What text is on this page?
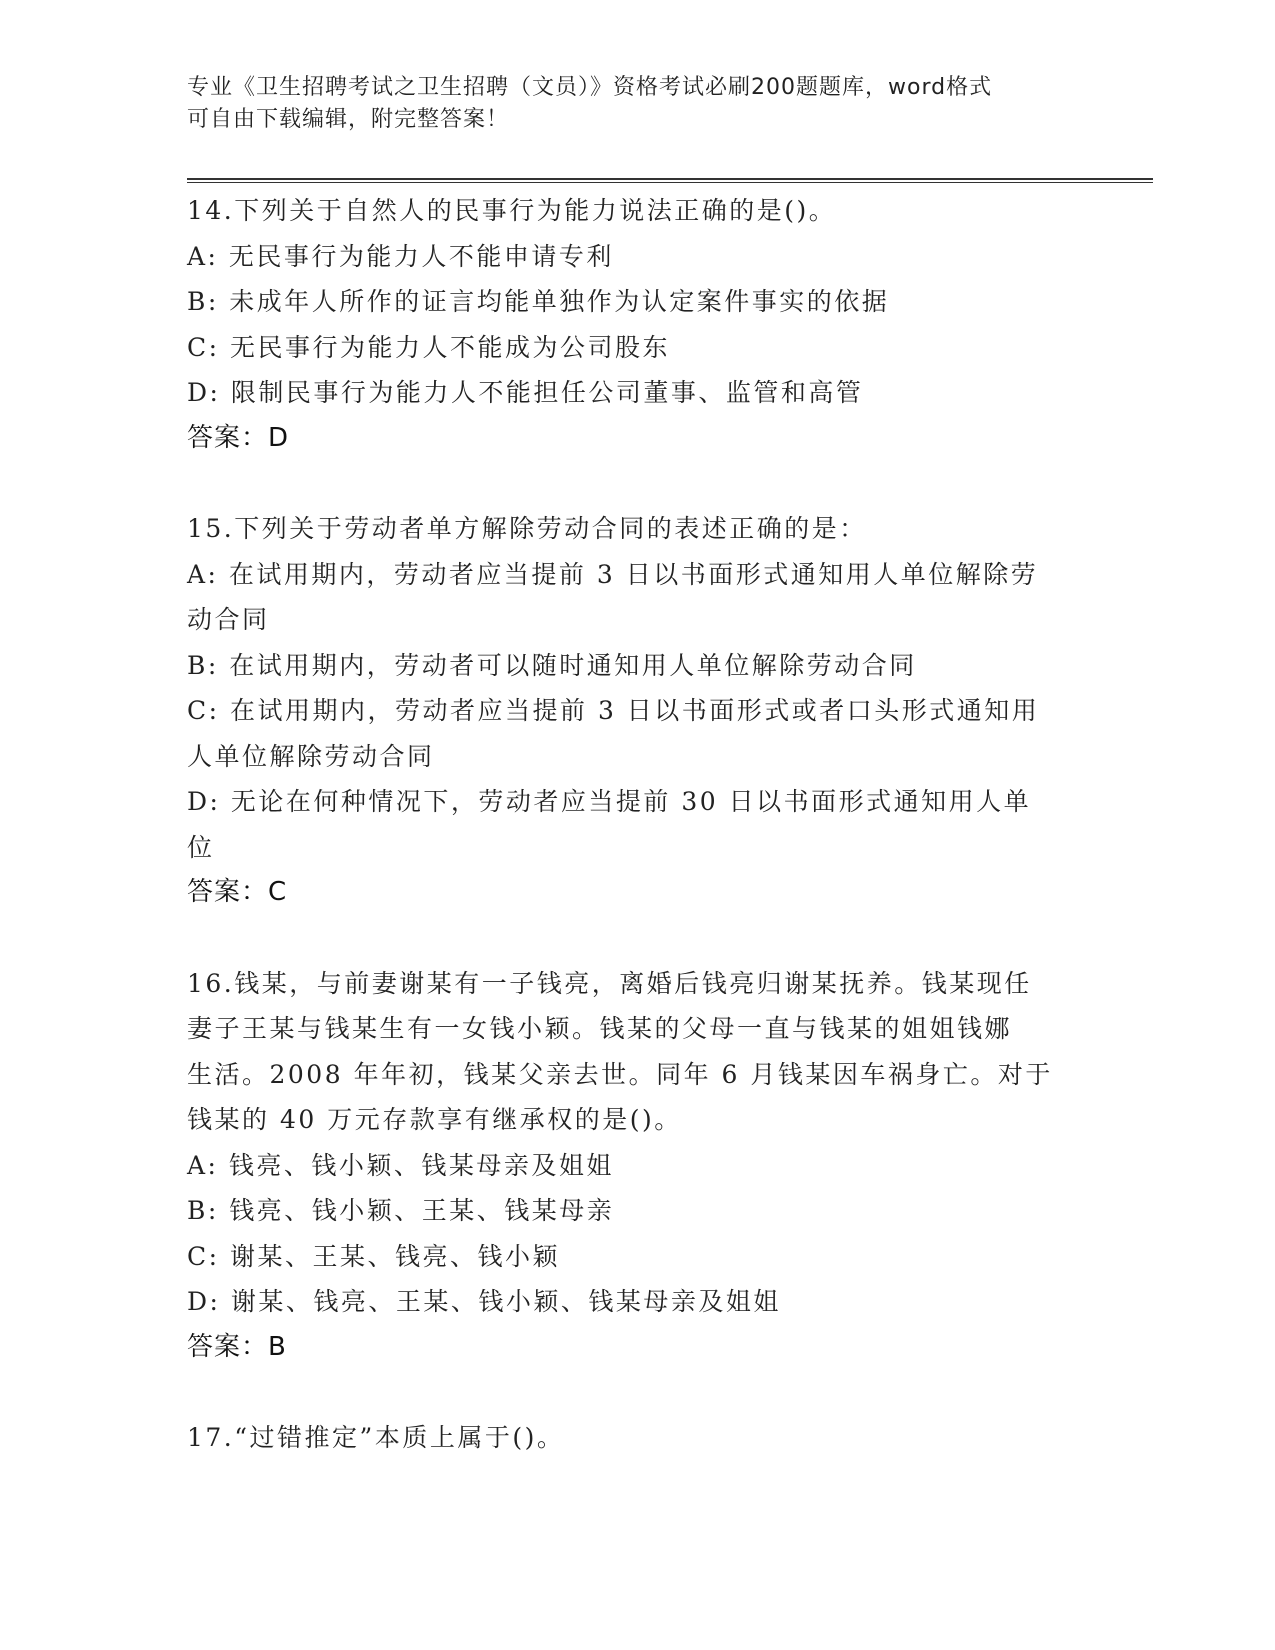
专业《卫生招聘考试之卫生招聘（文员）》资格考试必刷200题题库，word格式
可自由下载编辑，附完整答案！
14.下列关于自然人的民事行为能力说法正确的是()。
A: 无民事行为能力人不能申请专利
B: 未成年人所作的证言均能单独作为认定案件事实的依据
C: 无民事行为能力人不能成为公司股东
D: 限制民事行为能力人不能担任公司董事、监管和高管
答案：D
15.下列关于劳动者单方解除劳动合同的表述正确的是：
A: 在试用期内，劳动者应当提前 3 日以书面形式通知用人单位解除劳
动合同
B: 在试用期内，劳动者可以随时通知用人单位解除劳动合同
C: 在试用期内，劳动者应当提前 3 日以书面形式或者口头形式通知用
人单位解除劳动合同
D: 无论在何种情况下，劳动者应当提前 30 日以书面形式通知用人单
位
答案：C
16.钱某，与前妻谢某有一子钱亮，离婚后钱亮归谢某抚养。钱某现任
妻子王某与钱某生有一女钱小颖。钱某的父母一直与钱某的姐姐钱娜
生活。2008 年年初，钱某父亲去世。同年 6 月钱某因车祸身亡。对于
钱某的 40 万元存款享有继承权的是()。
A: 钱亮、钱小颖、钱某母亲及姐姐
B: 钱亮、钱小颖、王某、钱某母亲
C: 谢某、王某、钱亮、钱小颖
D: 谢某、钱亮、王某、钱小颖、钱某母亲及姐姐
答案：B
17.“过错推定”本质上属于()。
